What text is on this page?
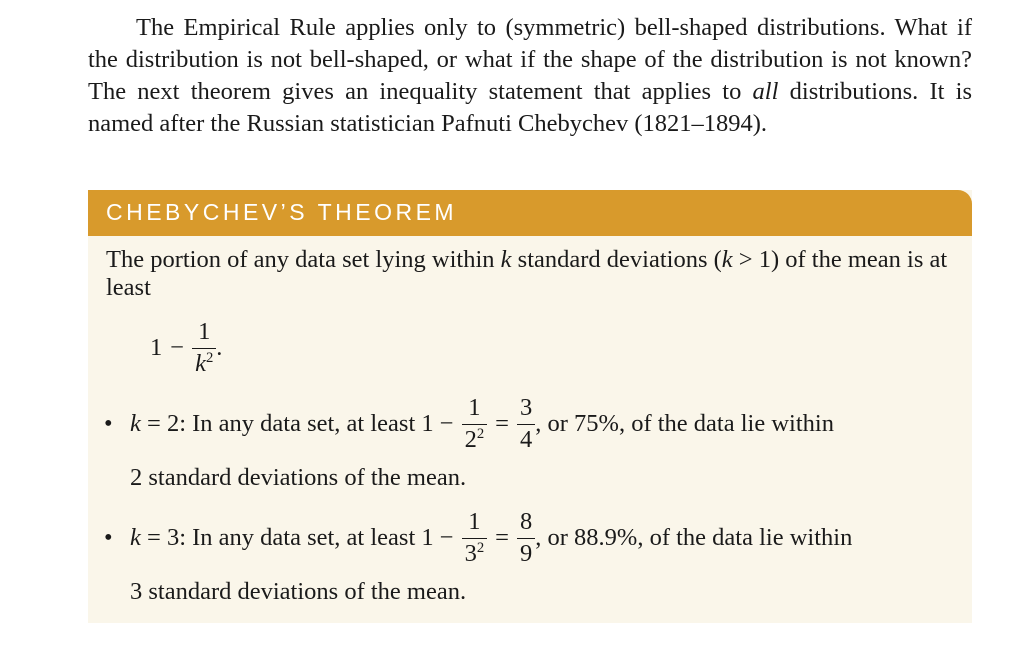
The Empirical Rule applies only to (symmetric) bell-shaped distributions. What if the distribution is not bell-shaped, or what if the shape of the distribution is not known? The next theorem gives an inequality statement that applies to all distributions. It is named after the Russian statistician Pafnuti Chebychev (1821–1894).

CHEBYCHEV’S THEOREM

The portion of any data set lying within k standard deviations (k > 1) of the mean is at least

$1 - \frac{1}{k^2}$ .
• k = 2: In any data set, at least $1 - \frac{1}{2^2} = \frac{3}{4}$ , or 75%, of the data lie within
2 standard deviations of the mean.
• k = 3: In any data set, at least $1 - \frac{1}{3^2} = \frac{8}{9}$ , or 88.9%, of the data lie within
3 standard deviations of the mean.
